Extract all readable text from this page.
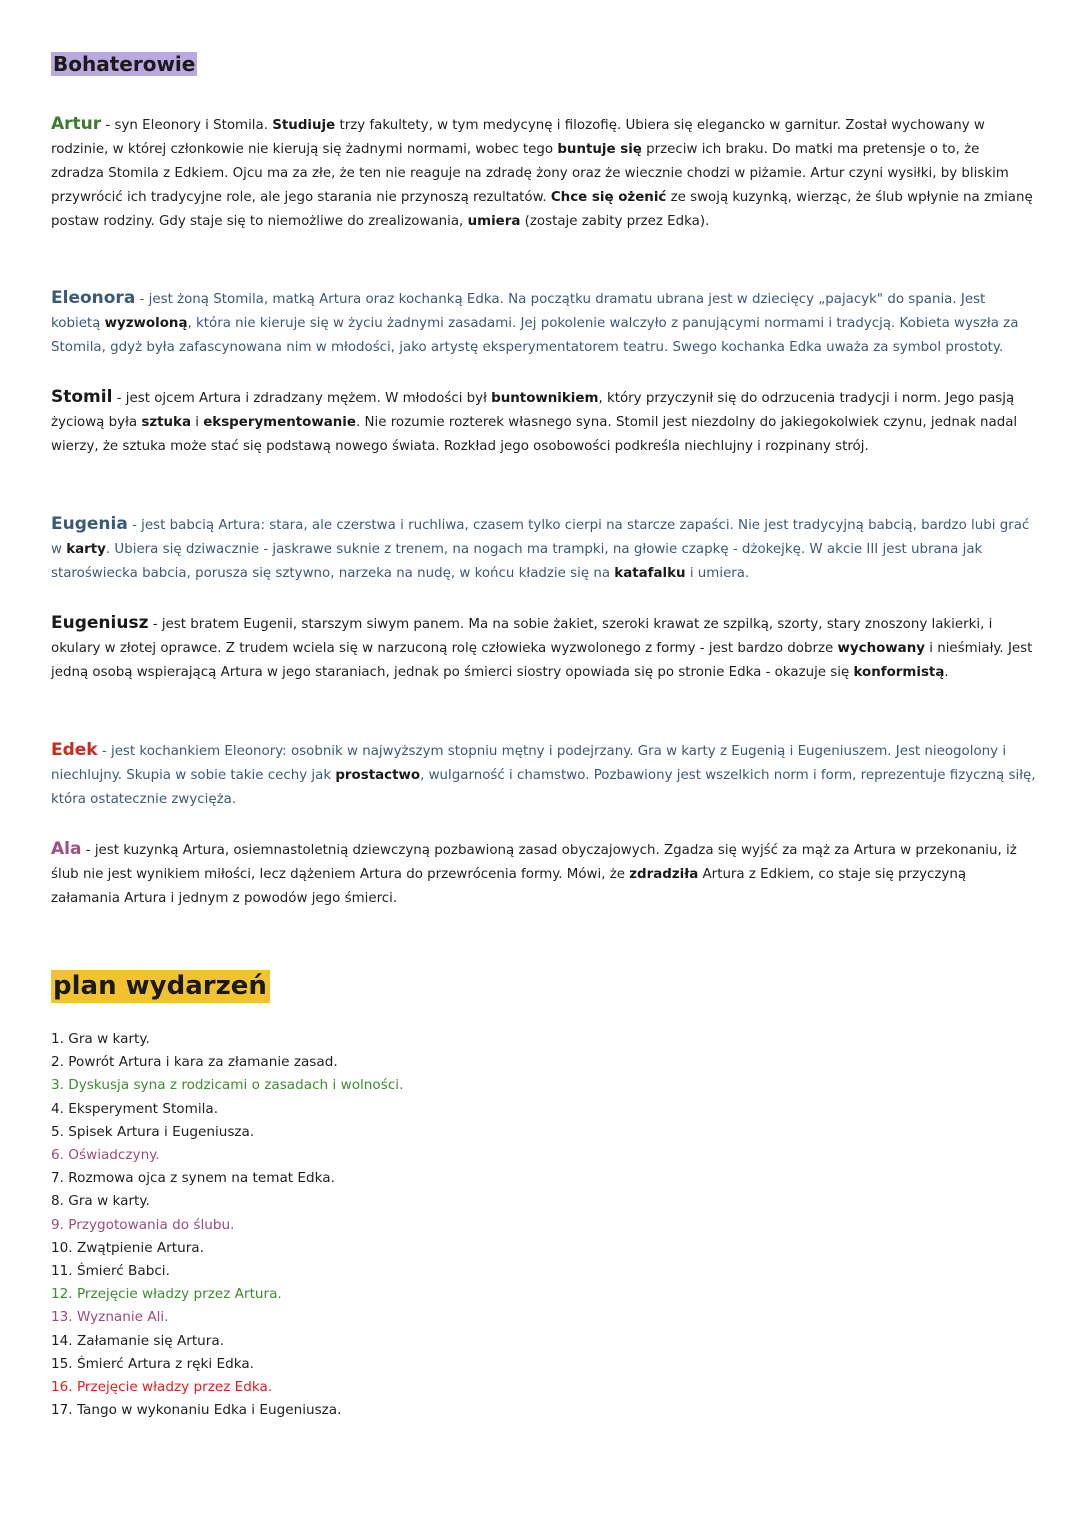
Bohaterowie
Artur - syn Eleonory i Stomila. Studiuje trzy fakultety, w tym medycynę i filozofię. Ubiera się elegancko w garnitur. Został wychowany w rodzinie, w której członkowie nie kierują się żadnymi normami, wobec tego buntuje się przeciw ich braku. Do matki ma pretensje o to, że zdradza Stomila z Edkiem. Ojcu ma za złe, że ten nie reaguje na zdradę żony oraz że wiecznie chodzi w piżamie. Artur czyni wysiłki, by bliskim przywrócić ich tradycyjne role, ale jego starania nie przynoszą rezultatów. Chce się ożenić ze swoją kuzynką, wierząc, że ślub wpłynie na zmianę postaw rodziny. Gdy staje się to niemożliwe do zrealizowania, umiera (zostaje zabity przez Edka).
Eleonora - jest żoną Stomila, matką Artura oraz kochanką Edka. Na początku dramatu ubrana jest w dziecięcy „pajacyk" do spania. Jest kobietą wyzwoloną, która nie kieruje się w życiu żadnymi zasadami. Jej pokolenie walczyło z panującymi normami i tradycją. Kobieta wyszła za Stomila, gdyż była zafascynowana nim w młodości, jako artystę eksperymentatorem teatru. Swego kochanka Edka uważa za symbol prostoty.
Stomil - jest ojcem Artura i zdradzany mężem. W młodości był buntownikiem, który przyczynił się do odrzucenia tradycji i norm. Jego pasją życiową była sztuka i eksperymentowanie. Nie rozumie rozterek własnego syna. Stomil jest niezdolny do jakiegokolwiek czynu, jednak nadal wierzy, że sztuka może stać się podstawą nowego świata. Rozkład jego osobowości podkreśla niechlujny i rozpinany strój.
Eugenia - jest babcią Artura: stara, ale czerstwa i ruchliwa, czasem tylko cierpi na starcze zapaści. Nie jest tradycyjną babcią, bardzo lubi grać w karty. Ubiera się dziwacznie - jaskrawe suknie z trenem, na nogach ma trampki, na głowie czapkę - dżokejkę. W akcie III jest ubrana jak staroświecka babcia, porusza się sztywno, narzeka na nudę, w końcu kładzie się na katafalku i umiera.
Eugeniusz - jest bratem Eugenii, starszym siwym panem. Ma na sobie żakiet, szeroki krawat ze szpilką, szorty, stary znoszony lakierki, i okulary w złotej oprawce. Z trudem wciela się w narzuconą rolę człowieka wyzwolonego z formy - jest bardzo dobrze wychowany i nieśmiały. Jest jedną osobą wspierającą Artura w jego staraniach, jednak po śmierci siostry opowiada się po stronie Edka - okazuje się konformistą.
Edek - jest kochankiem Eleonory: osobnik w najwyższym stopniu mętny i podejrzany. Gra w karty z Eugenią i Eugeniuszem. Jest nieogolony i niechlujny. Skupia w sobie takie cechy jak prostactwo, wulgarność i chamstwo. Pozbawiony jest wszelkich norm i form, reprezentuje fizyczną siłę, która ostatecznie zwycięża.
Ala - jest kuzynką Artura, osiemnastoletnią dziewczyną pozbawioną zasad obyczajowych. Zgadza się wyjść za mąż za Artura w przekonaniu, iż ślub nie jest wynikiem miłości, lecz dążeniem Artura do przewrócenia formy. Mówi, że zdradziła Artura z Edkiem, co staje się przyczyną załamania Artura i jednym z powodów jego śmierci.
plan wydarzeń
1. Gra w karty.
2. Powrót Artura i kara za złamanie zasad.
3. Dyskusja syna z rodzicami o zasadach i wolności.
4. Eksperyment Stomila.
5. Spisek Artura i Eugeniusza.
6. Oświadczyny.
7. Rozmowa ojca z synem na temat Edka.
8. Gra w karty.
9. Przygotowania do ślubu.
10. Zwątpienie Artura.
11. Śmierć Babci.
12. Przejęcie władzy przez Artura.
13. Wyznanie Ali.
14. Załamanie się Artura.
15. Śmierć Artura z ręki Edka.
16. Przejęcie władzy przez Edka.
17. Tango w wykonaniu Edka i Eugeniusza.
